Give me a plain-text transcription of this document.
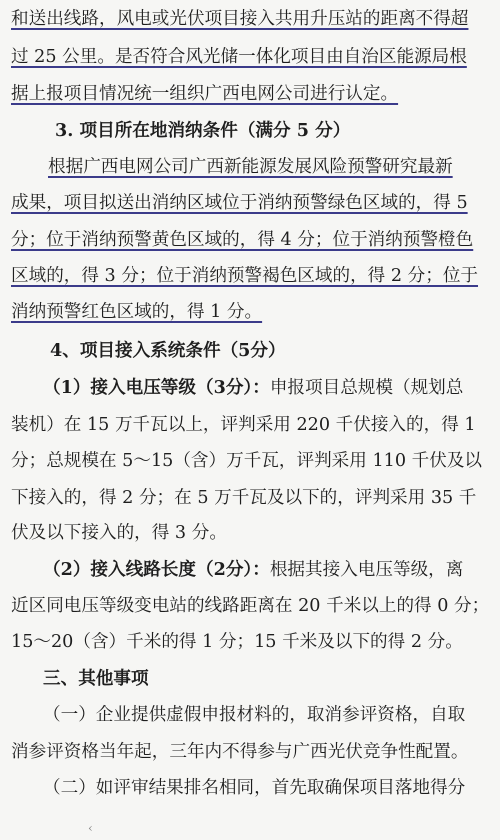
和送出线路，风电或光伏项目接入共用升压站的距离不得超
过 25 公里。是否符合风光储一体化项目由自治区能源局根
据上报项目情况统一组织广西电网公司进行认定。
3. 项目所在地消纳条件（满分 5 分）
根据广西电网公司广西新能源发展风险预警研究最新
成果，项目拟送出消纳区域位于消纳预警绿色区域的，得 5
分；位于消纳预警黄色区域的，得 4 分；位于消纳预警橙色
区域的，得 3 分；位于消纳预警褐色区域的，得 2 分；位于
消纳预警红色区域的，得 1 分。
4、项目接入系统条件（5分）
（1）接入电压等级（3分）：申报项目总规模（规划总
装机）在 15 万千瓦以上，评判采用 220 千伏接入的，得 1
分；总规模在 5～15（含）万千瓦，评判采用 110 千伏及以
下接入的，得 2 分；在 5 万千瓦及以下的，评判采用 35 千
伏及以下接入的，得 3 分。
（2）接入线路长度（2分）：根据其接入电压等级，离
近区同电压等级变电站的线路距离在 20 千米以上的得 0 分；
15～20（含）千米的得 1 分；15 千米及以下的得 2 分。
三、其他事项
（一）企业提供虚假申报材料的，取消参评资格，自取
消参评资格当年起，三年内不得参与广西光伏竞争性配置。
（二）如评审结果排名相同，首先取确保项目落地得分
‹
